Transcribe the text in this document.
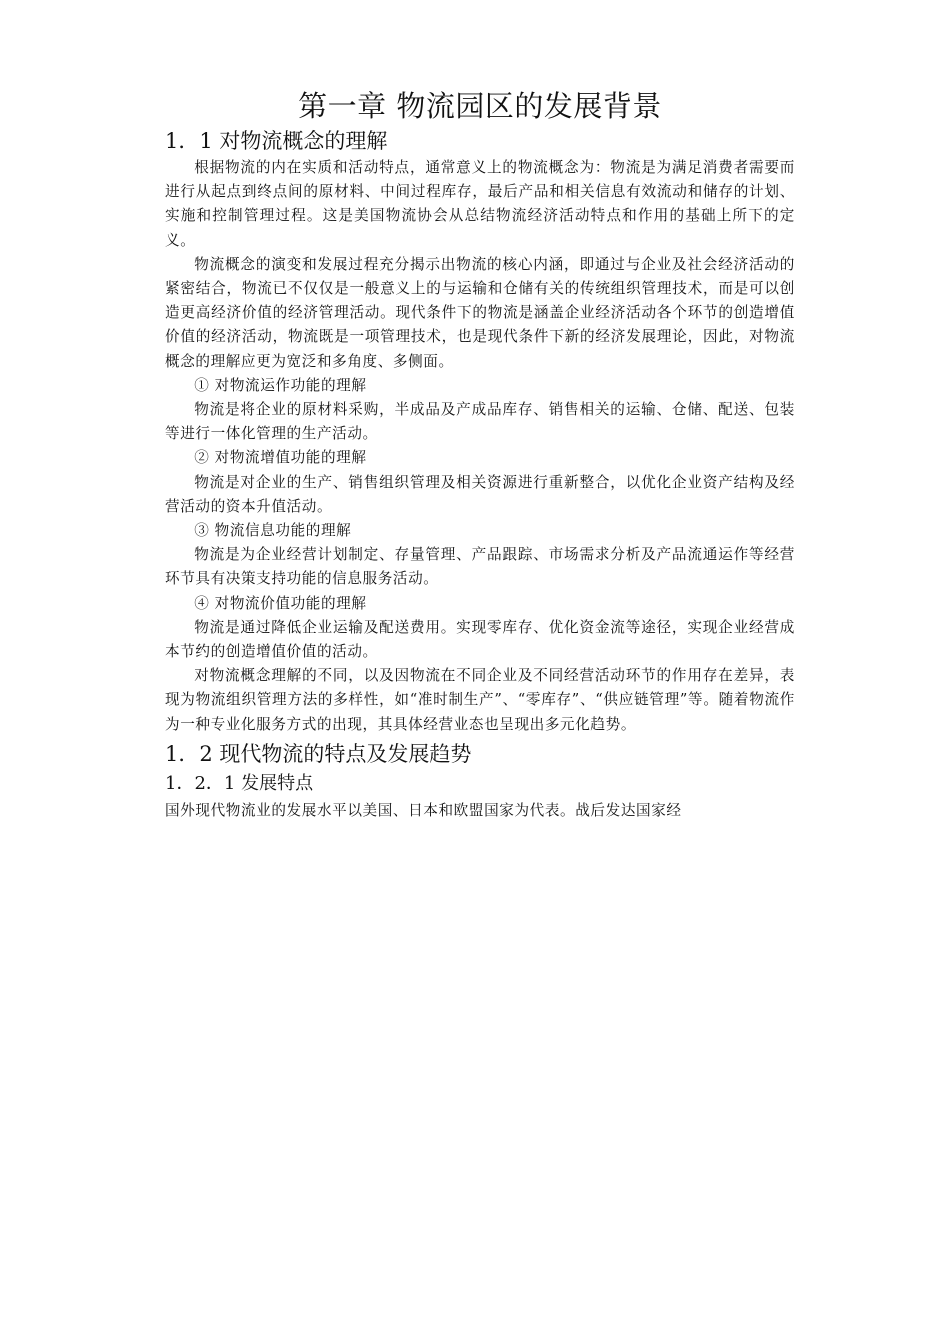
第一章 物流园区的发展背景
1．1 对物流概念的理解

根据物流的内在实质和活动特点，通常意义上的物流概念为：物流是为满足消费者需要而进行从起点到终点间的原材料、中间过程库存，最后产品和相关信息有效流动和储存的计划、实施和控制管理过程。这是美国物流协会从总结物流经济活动特点和作用的基础上所下的定义。

物流概念的演变和发展过程充分揭示出物流的核心内涵，即通过与企业及社会经济活动的紧密结合，物流已不仅仅是一般意义上的与运输和仓储有关的传统组织管理技术，而是可以创造更高经济价值的经济管理活动。现代条件下的物流是涵盖企业经济活动各个环节的创造增值价值的经济活动，物流既是一项管理技术，也是现代条件下新的经济发展理论，因此，对物流概念的理解应更为宽泛和多角度、多侧面。

① 对物流运作功能的理解

物流是将企业的原材料采购，半成品及产成品库存、销售相关的运输、仓储、配送、包装等进行一体化管理的生产活动。

② 对物流增值功能的理解

物流是对企业的生产、销售组织管理及相关资源进行重新整合，以优化企业资产结构及经营活动的资本升值活动。

③ 物流信息功能的理解

物流是为企业经营计划制定、存量管理、产品跟踪、市场需求分析及产品流通运作等经营环节具有决策支持功能的信息服务活动。

④ 对物流价值功能的理解

物流是通过降低企业运输及配送费用。实现零库存、优化资金流等途径，实现企业经营成本节约的创造增值价值的活动。

对物流概念理解的不同，以及因物流在不同企业及不同经营活动环节的作用存在差异，表现为物流组织管理方法的多样性，如“准时制生产”、“零库存”、“供应链管理”等。随着物流作为一种专业化服务方式的出现，其具体经营业态也呈现出多元化趋势。

1．2 现代物流的特点及发展趋势
1．2．1 发展特点

国外现代物流业的发展水平以美国、日本和欧盟国家为代表。战后发达国家经
